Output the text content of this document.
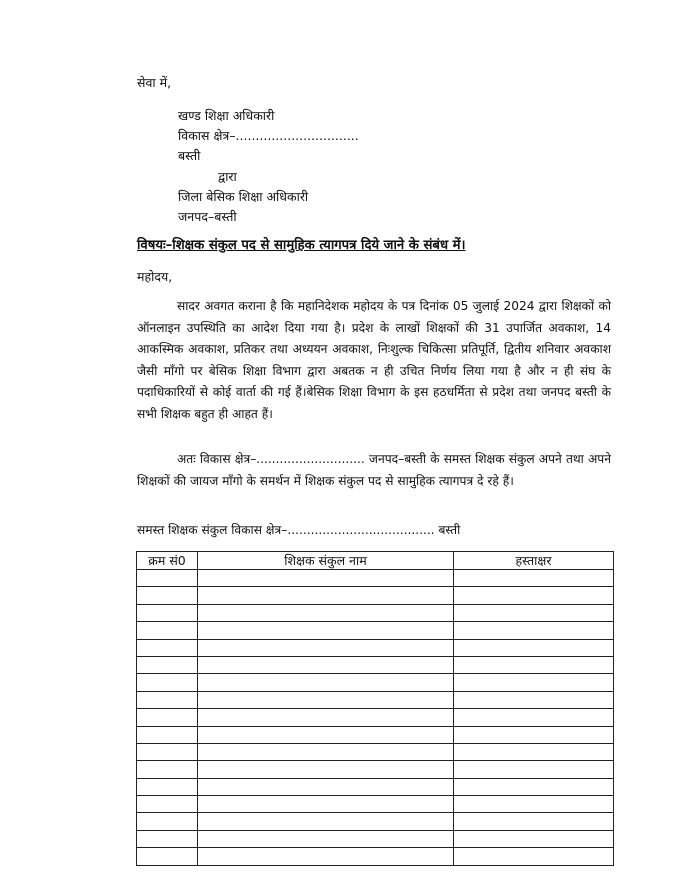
सेवा में,
खण्ड शिक्षा अधिकारी
विकास क्षेत्र–...............................
बस्ती
द्वारा
जिला बेसिक शिक्षा अधिकारी
जनपद–बस्ती
विषयः–शिक्षक संकुल पद से सामुहिक त्यागपत्र दिये जाने के संबंध में।
महोदय,
सादर अवगत कराना है कि महानिदेशक महोदय के पत्र दिनांक 05 जुलाई 2024 द्वारा शिक्षकों को ऑनलाइन उपस्थिति का आदेश दिया गया है। प्रदेश के लाखों शिक्षकों की 31 उपार्जित अवकाश, 14 आकस्मिक अवकाश, प्रतिकर तथा अध्ययन अवकाश, निःशुल्क चिकित्सा प्रतिपूर्ति, द्वितीय शनिवार अवकाश जैसी माँगो पर बेसिक शिक्षा विभाग द्वारा अबतक न ही उचित निर्णय लिया गया है और न ही संघ के पदाधिकारियों से कोई वार्ता की गई हैं।बेसिक शिक्षा विभाग के इस हठधर्मिता से प्रदेश तथा जनपद बस्ती के सभी शिक्षक बहुत ही आहत हैं।
अतः विकास क्षेत्र–............................ जनपद–बस्ती के समस्त शिक्षक संकुल अपने तथा अपने शिक्षकों की जायज माँगो के समर्थन में शिक्षक संकुल पद से सामुहिक त्यागपत्र दे रहे हैं।
समस्त शिक्षक संकुल विकास क्षेत्र–...................................... बस्ती
क्रम सं0	शिक्षक संकुल नाम	हस्ताक्षर
